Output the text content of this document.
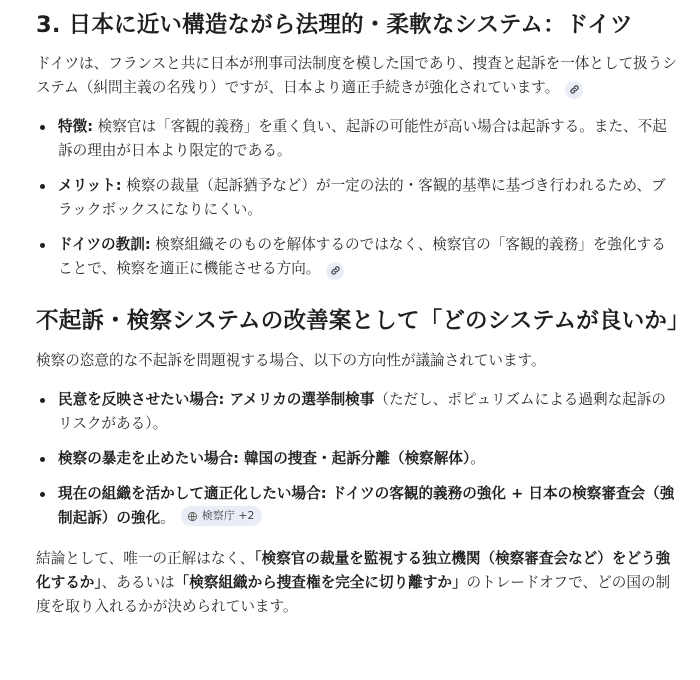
3. 日本に近い構造ながら法理的・柔軟なシステム：ドイツ

ドイツは、フランスと共に日本が刑事司法制度を模した国であり、捜査と起訴を一体として扱うシステム（糾問主義の名残り）ですが、日本より適正手続きが強化されています。

特徴: 検察官は「客観的義務」を重く負い、起訴の可能性が高い場合は起訴する。また、不起訴の理由が日本より限定的である。
メリット: 検察の裁量（起訴猶予など）が一定の法的・客観的基準に基づき行われるため、ブラックボックスになりにくい。
ドイツの教訓: 検察組織そのものを解体するのではなく、検察官の「客観的義務」を強化することで、検察を適正に機能させる方向。
不起訴・検察システムの改善案として「どのシステムが良いか」

検察の恣意的な不起訴を問題視する場合、以下の方向性が議論されています。

民意を反映させたい場合: アメリカの選挙制検事（ただし、ポピュリズムによる過剰な起訴のリスクがある）。
検察の暴走を止めたい場合: 韓国の捜査・起訴分離（検察解体）。
現在の組織を活かして適正化したい場合: ドイツの客観的義務の強化 + 日本の検察審査会（強制起訴）の強化。 検察庁 +2

結論として、唯一の正解はなく、「検察官の裁量を監視する独立機関（検察審査会など）をどう強化するか」、あるいは「検察組織から捜査権を完全に切り離すか」のトレードオフで、どの国の制度を取り入れるかが決められています。
